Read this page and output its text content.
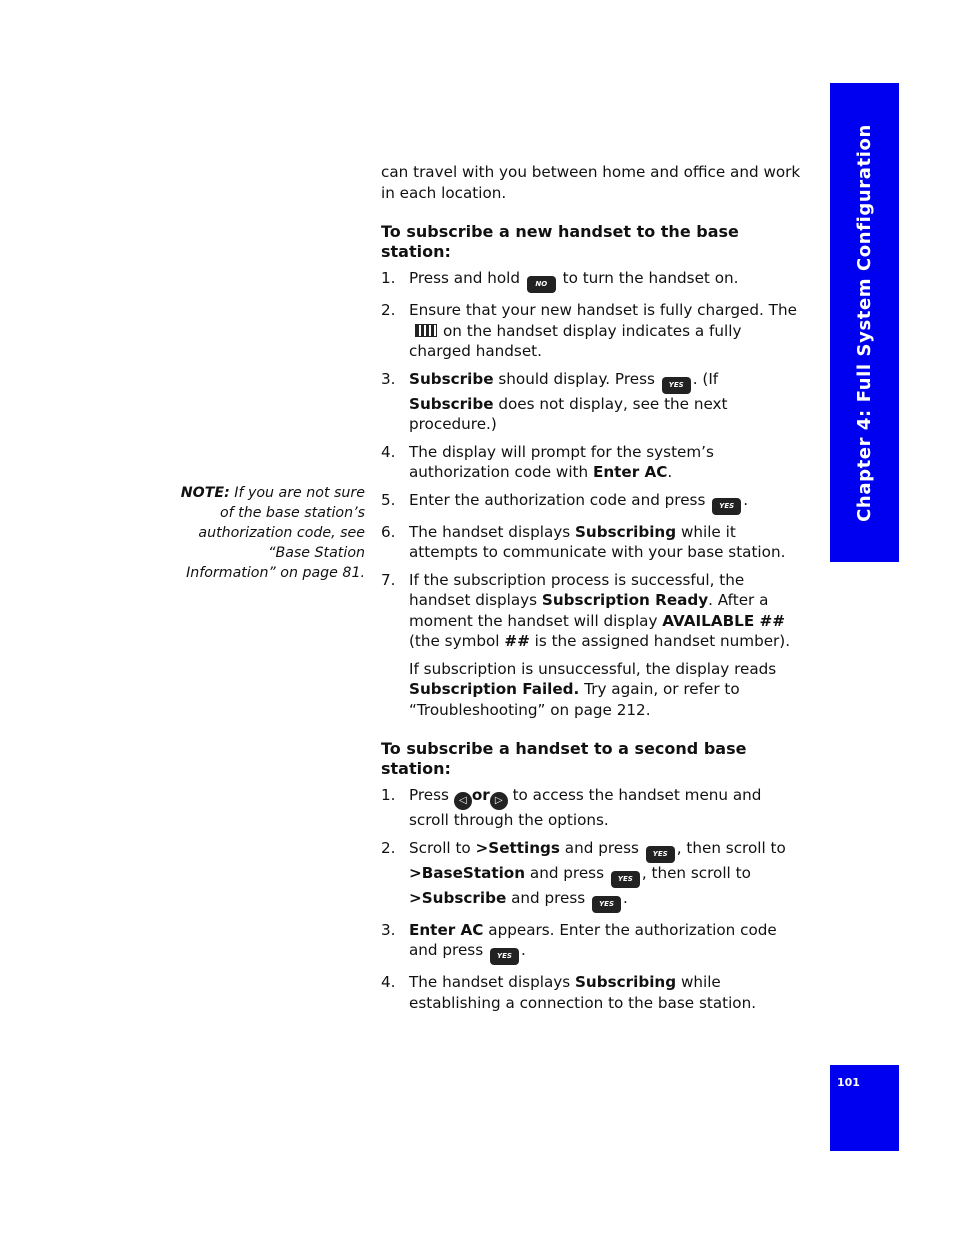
Chapter 4: Full System Configuration
101
NOTE: If you are not sure of the base station’s authorization code, see “Base Station Information” on page 81.

can travel with you between home and office and work in each location.

To subscribe a new handset to the base station:
1. Press and hold NO to turn the handset on.
2. Ensure that your new handset is fully charged. Theon the handset display indicates a fully charged handset.
3. Subscribe should display. Press YES . (If Subscribe does not display, see the next procedure.)
4. The display will prompt for the system’s authorization code with Enter AC.
5. Enter the authorization code and press YES .
6. The handset displays Subscribing while it attempts to communicate with your base station.
7. If the subscription process is successful, the handset displays Subscription Ready. After a moment the handset will display AVAILABLE ## (the symbol ## is the assigned handset number).

If subscription is unsuccessful, the display reads Subscription Failed. Try again, or refer to “Troubleshooting” on page 212.

To subscribe a handset to a second base station:
1. Press ◁ or ▷ to access the handset menu and scroll through the options.
2. Scroll to >Settings and press YES , then scroll to >BaseStation and press YES , then scroll to >Subscribe and press YES .
3. Enter AC appears. Enter the authorization code and press YES .
4. The handset displays Subscribing while establishing a connection to the base station.
